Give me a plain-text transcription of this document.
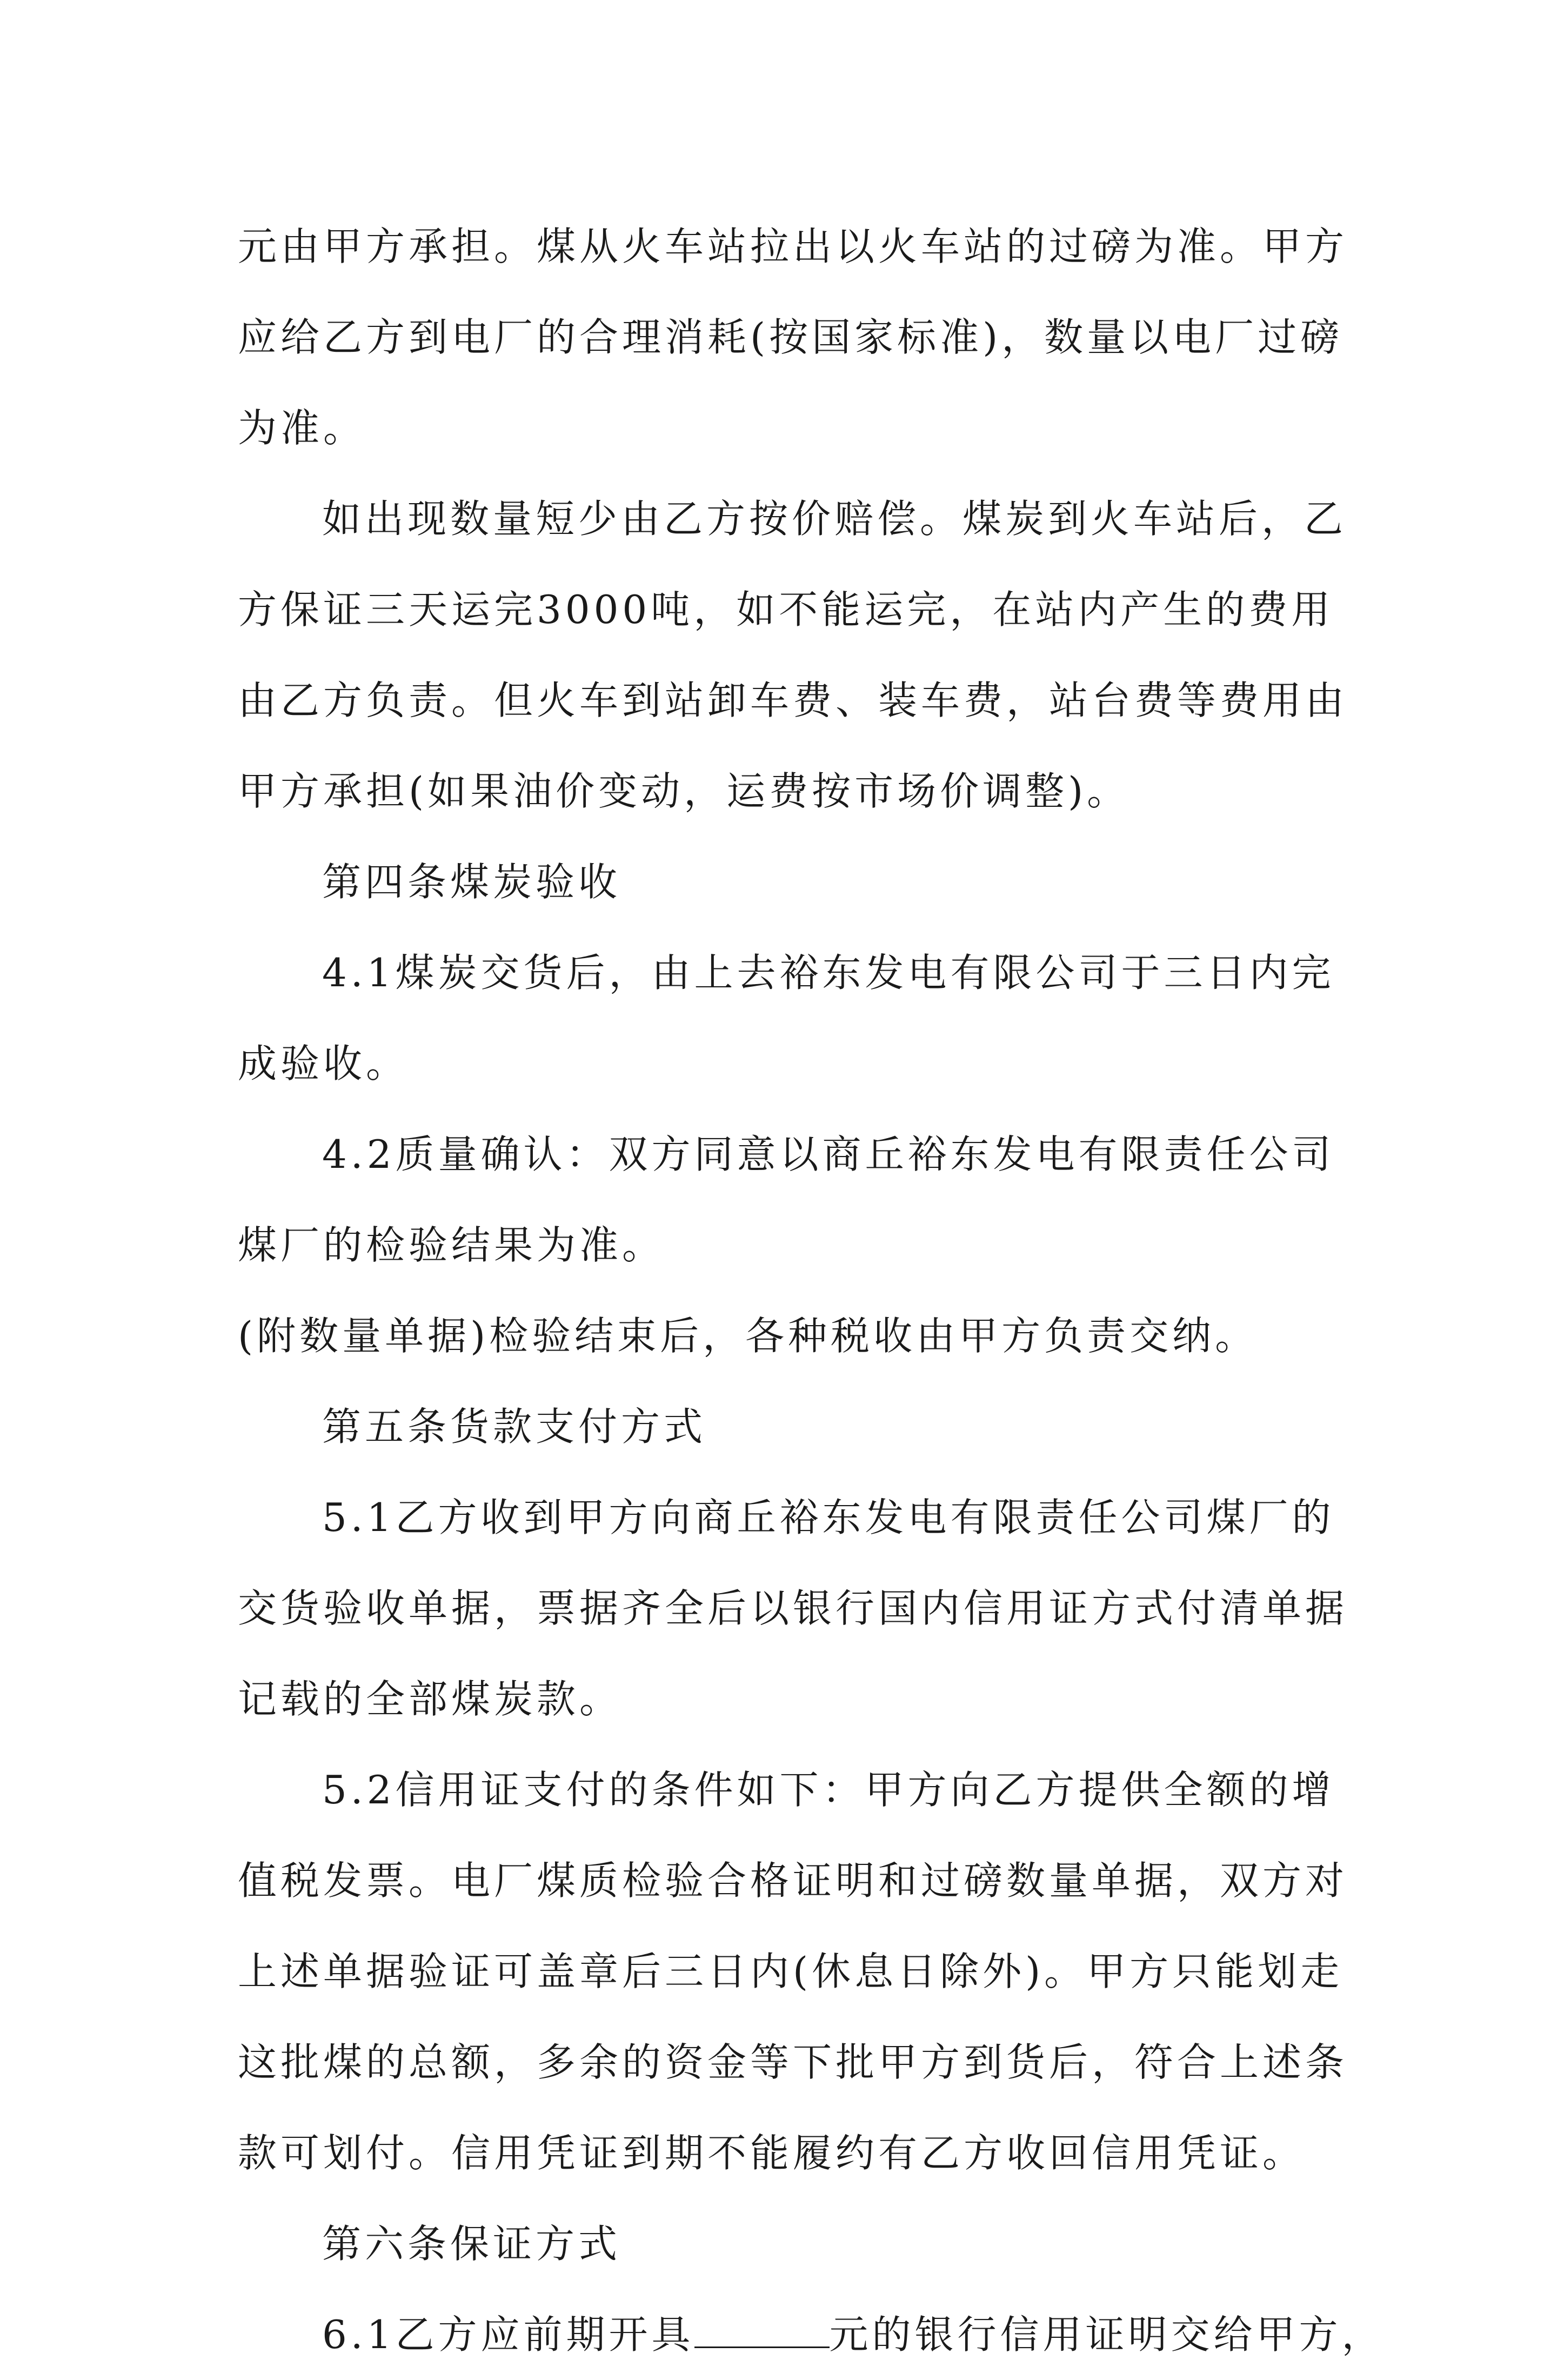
元由甲方承担。煤从火车站拉出以火车站的过磅为准。甲方
应给乙方到电厂的合理消耗(按国家标准)，数量以电厂过磅
为准。
如出现数量短少由乙方按价赔偿。煤炭到火车站后，乙
方保证三天运完3000吨，如不能运完，在站内产生的费用
由乙方负责。但火车到站卸车费、装车费，站台费等费用由
甲方承担(如果油价变动，运费按市场价调整)。
第四条煤炭验收
4.1煤炭交货后，由上去裕东发电有限公司于三日内完
成验收。
4.2质量确认：双方同意以商丘裕东发电有限责任公司
煤厂的检验结果为准。
(附数量单据)检验结束后，各种税收由甲方负责交纳。
第五条货款支付方式
5.1乙方收到甲方向商丘裕东发电有限责任公司煤厂的
交货验收单据，票据齐全后以银行国内信用证方式付清单据
记载的全部煤炭款。
5.2信用证支付的条件如下：甲方向乙方提供全额的增
值税发票。电厂煤质检验合格证明和过磅数量单据，双方对
上述单据验证可盖章后三日内(休息日除外)。甲方只能划走
这批煤的总额，多余的资金等下批甲方到货后，符合上述条
款可划付。信用凭证到期不能履约有乙方收回信用凭证。
第六条保证方式
6.1乙方应前期开具	元的银行信用证明交给甲方，
